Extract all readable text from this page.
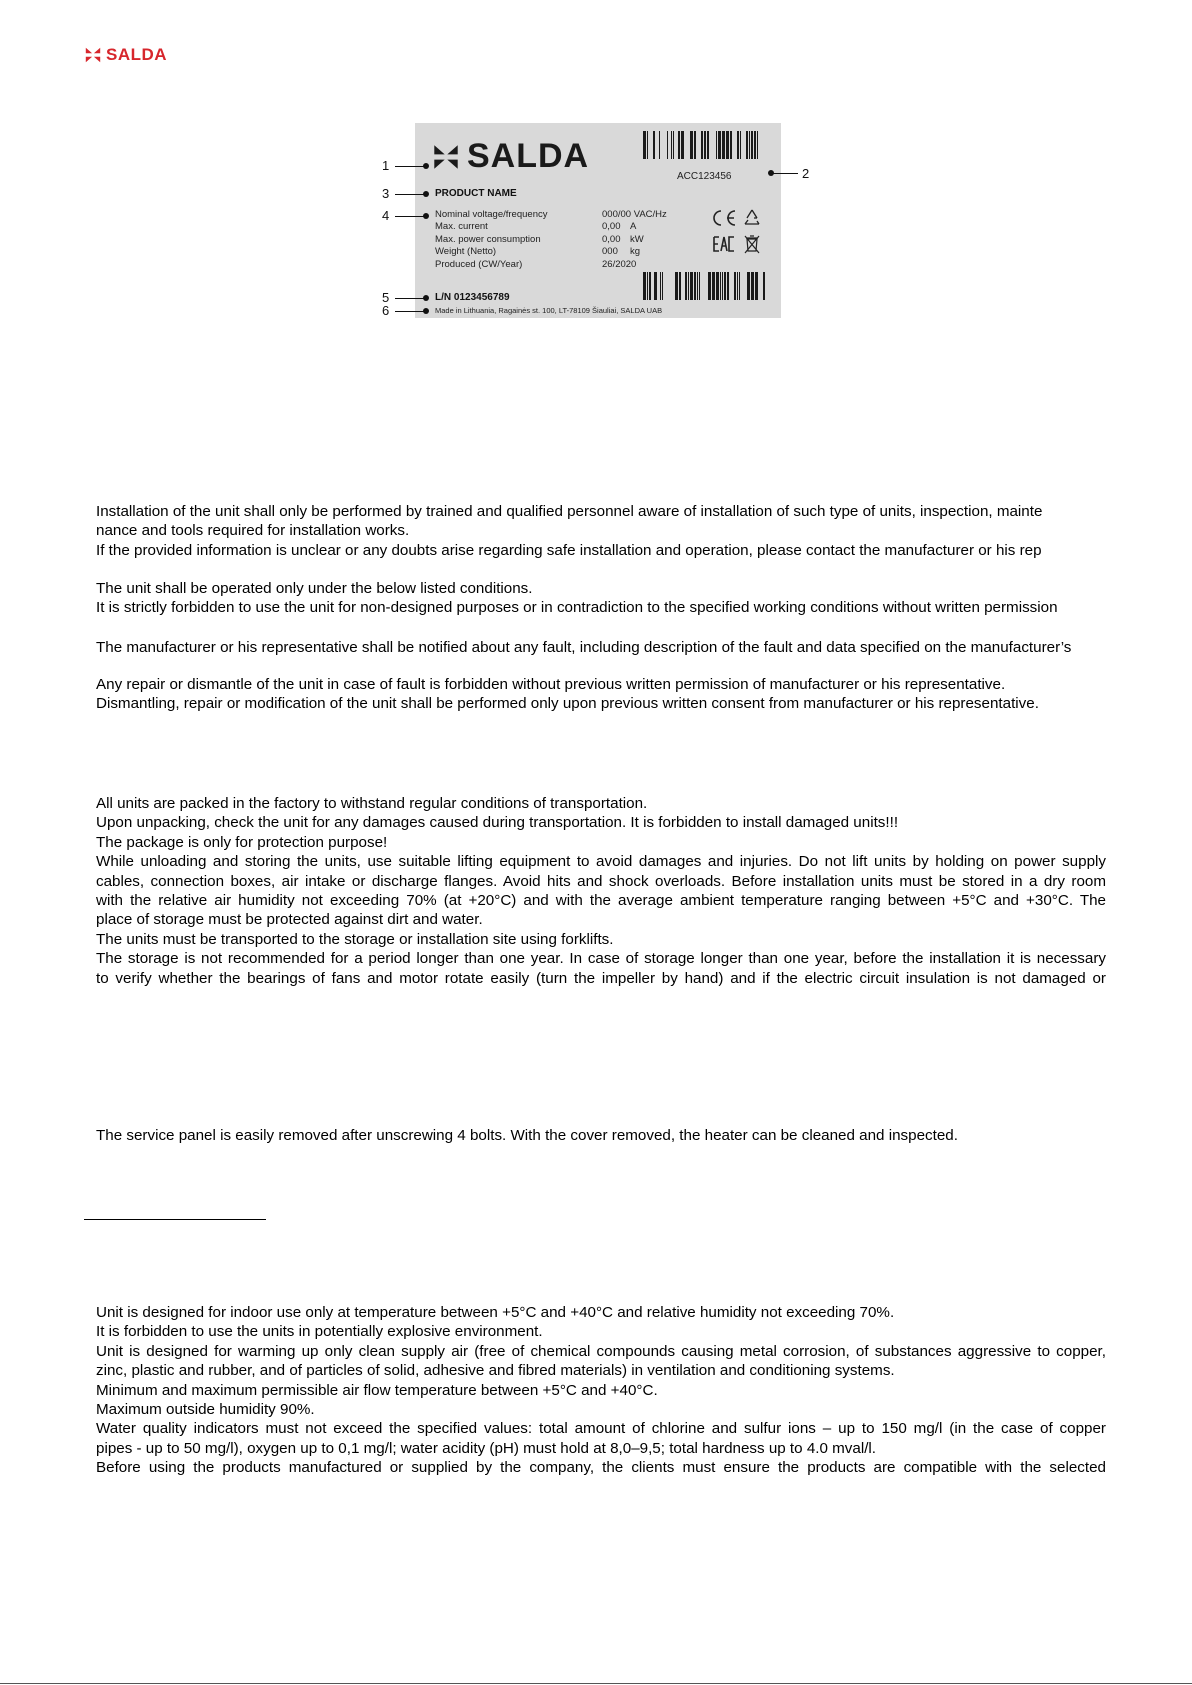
SALDA
SALDA
ACC123456
PRODUCT NAME
Nominal voltage/frequency	000/00 VAC/Hz
Max. current	0,00	A
Max. power consumption	0,00	kW
Weight (Netto)	000	kg
Produced (CW/Year)	26/2020
L/N 0123456789
Made in Lithuania, Ragainės st. 100, LT-78109 Šiauliai, SALDA UAB
1
2
3
4
5
6
Installation of the unit shall only be performed by trained and qualified personnel aware of installation of such type of units, inspection, mainte
nance and tools required for installation works.
If the provided information is unclear or any doubts arise regarding safe installation and operation, please contact the manufacturer or his rep
The unit shall be operated only under the below listed conditions.
It is strictly forbidden to use the unit for non-designed purposes or in contradiction to the specified working conditions without written permission
The manufacturer or his representative shall be notified about any fault, including description of the fault and data specified on the manufacturer’s
Any repair or dismantle of the unit in case of fault is forbidden without previous written permission of manufacturer or his representative.
Dismantling, repair or modification of the unit shall be performed only upon previous written consent from manufacturer or his representative.
All units are packed in the factory to withstand regular conditions of transportation.
Upon unpacking, check the unit for any damages caused during transportation. It is forbidden to install damaged units!!!
The package is only for protection purpose!
While unloading and storing the units, use suitable lifting equipment to avoid damages and injuries. Do not lift units by holding on power supply
cables, connection boxes, air intake or discharge flanges. Avoid hits and shock overloads. Before installation units must be stored in a dry room
with the relative air humidity not exceeding 70% (at +20°C) and with the average ambient temperature ranging between +5°C and +30°C. The
place of storage must be protected against dirt and water.
The units must be transported to the storage or installation site using forklifts.
The storage is not recommended for a period longer than one year. In case of storage longer than one year, before the installation it is necessary
to verify whether the bearings of fans and motor rotate easily (turn the impeller by hand) and if the electric circuit insulation is not damaged or
The service panel is easily removed after unscrewing 4 bolts. With the cover removed, the heater can be cleaned and inspected.
Unit is designed for indoor use only at temperature between +5°C and +40°C and relative humidity not exceeding 70%.
It is forbidden to use the units in potentially explosive environment.
Unit is designed for warming up only clean supply air (free of chemical compounds causing metal corrosion, of substances aggressive to copper,
zinc, plastic and rubber, and of particles of solid, adhesive and fibred materials) in ventilation and conditioning systems.
Minimum and maximum permissible air flow temperature between +5°C and +40°C.
Maximum outside humidity 90%.
Water quality indicators must not exceed the specified values: total amount of chlorine and sulfur ions – up to 150 mg/l (in the case of copper
pipes - up to 50 mg/l), oxygen up to 0,1 mg/l; water acidity (pH) must hold at 8,0–9,5; total hardness up to 4.0 mval/l.
Before using the products manufactured or supplied by the company, the clients must ensure the products are compatible with the selected
